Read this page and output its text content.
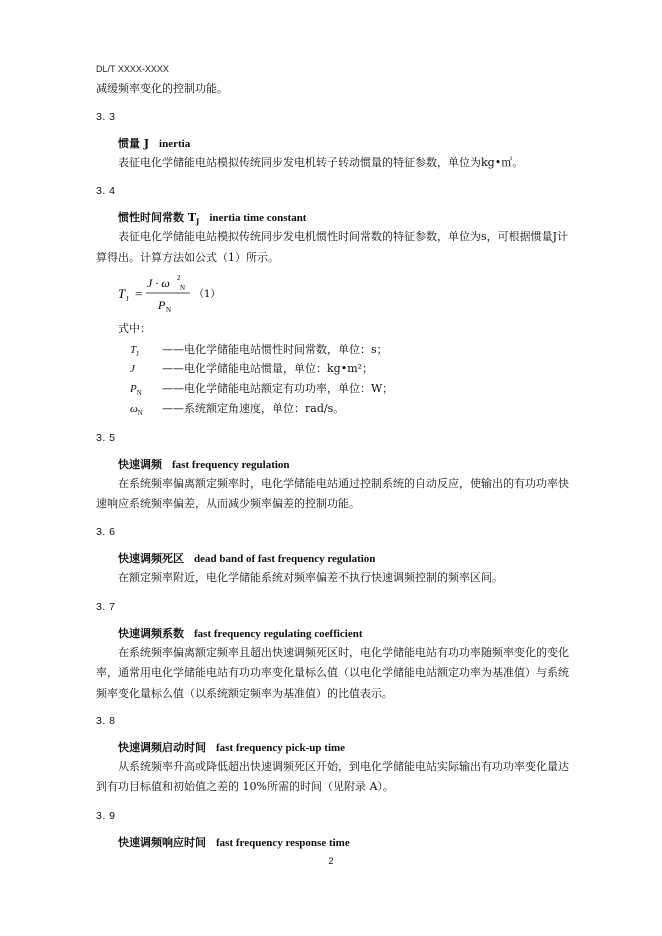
DL/T XXXX-XXXX
减缓频率变化的控制功能。
3. 3
惯量 J inertia
表征电化学储能电站模拟传统同步发电机转子转动惯量的特征参数，单位为kg•㎡。
3. 4
惯性时间常数 $T_J$ inertia time constant
表征电化学储能电站模拟传统同步发电机惯性时间常数的特征参数，单位为s，可根据惯量J计
算得出。计算方法如公式（1）所示。
T J =
J · ω N
2
P N
（1）
式中：
$T_J$ ——电化学储能电站惯性时间常数，单位：s；
J ——电化学储能电站惯量，单位：kg•m²；
$P_N$ ——电化学储能电站额定有功功率，单位：W；
$\omega_N$ ——系统额定角速度，单位：rad/s。
3. 5
快速调频 fast frequency regulation
在系统频率偏离额定频率时，电化学储能电站通过控制系统的自动反应，使输出的有功功率快
速响应系统频率偏差，从而减少频率偏差的控制功能。
3. 6
快速调频死区 dead band of fast frequency regulation
在额定频率附近，电化学储能系统对频率偏差不执行快速调频控制的频率区间。
3. 7
快速调频系数 fast frequency regulating coefficient
在系统频率偏离额定频率且超出快速调频死区时，电化学储能电站有功功率随频率变化的变化
率，通常用电化学储能电站有功功率变化量标么值（以电化学储能电站额定功率为基准值）与系统
频率变化量标么值（以系统额定频率为基准值）的比值表示。
3. 8
快速调频启动时间 fast frequency pick-up time
从系统频率升高或降低超出快速调频死区开始，到电化学储能电站实际输出有功功率变化量达
到有功目标值和初始值之差的 10%所需的时间（见附录 A）。
3. 9
快速调频响应时间 fast frequency response time
2
